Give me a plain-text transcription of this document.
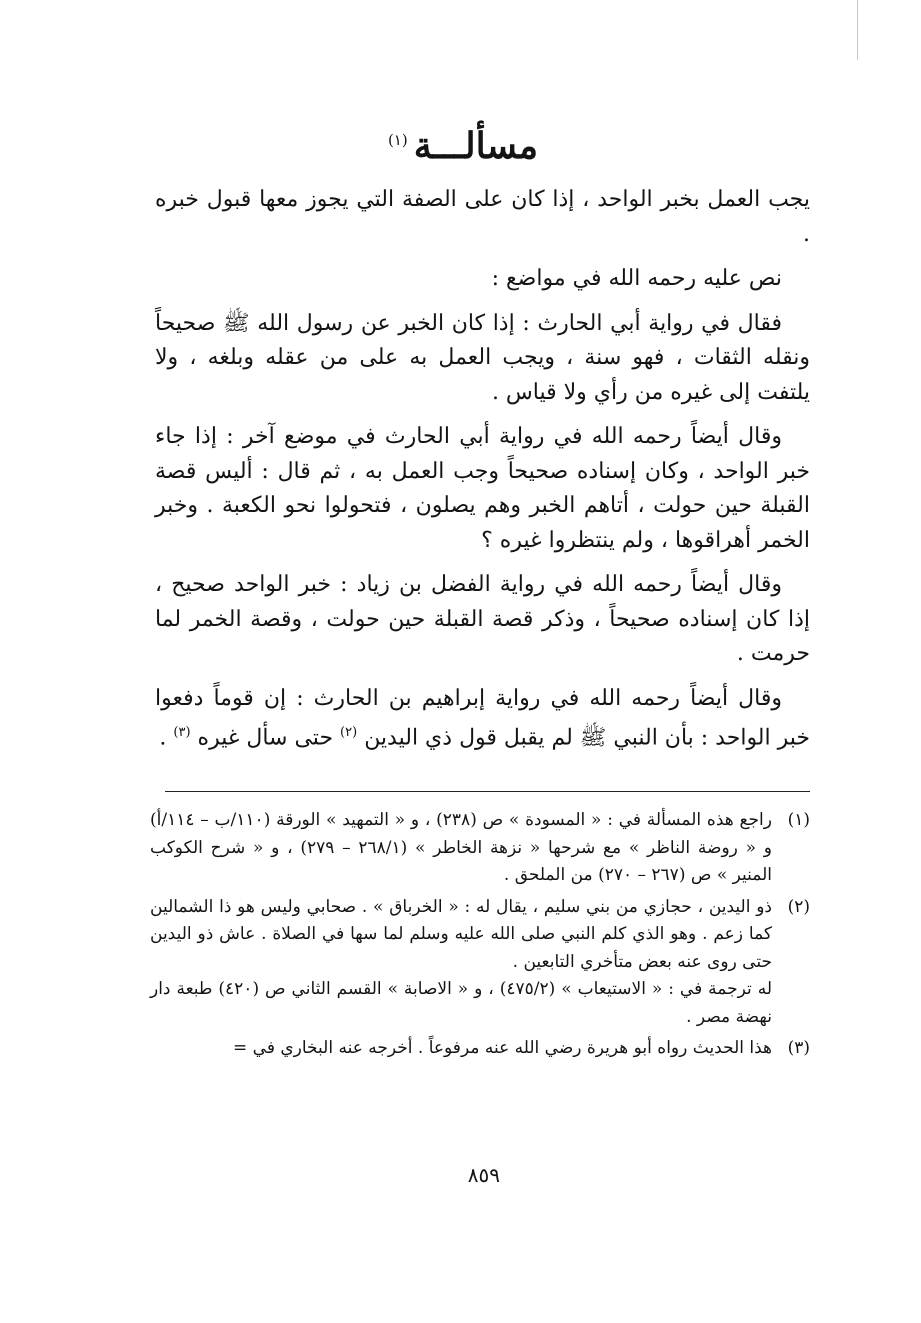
مسألـــة$^{(١)}$

يجب العمل بخبر الواحد ، إذا كان على الصفة التي يجوز معها قبول خبره .

نص عليه رحمه الله في مواضع :

فقال في رواية أبي الحارث : إذا كان الخبر عن رسول الله ﷺ صحيحاً ونقله الثقات ، فهو سنة ، ويجب العمل به على من عقله وبلغه ، ولا يلتفت إلى غيره من رأي ولا قياس .

وقال أيضاً رحمه الله في رواية أبي الحارث في موضع آخر : إذا جاء خبر الواحد ، وكان إسناده صحيحاً وجب العمل به ، ثم قال : أليس قصة القبلة حين حولت ، أتاهم الخبر وهم يصلون ، فتحولوا نحو الكعبة . وخبر الخمر أهراقوها ، ولم ينتظروا غيره ؟

وقال أيضاً رحمه الله في رواية الفضل بن زياد : خبر الواحد صحيح ، إذا كان إسناده صحيحاً ، وذكر قصة القبلة حين حولت ، وقصة الخمر لما حرمت .

وقال أيضاً رحمه الله في رواية إبراهيم بن الحارث : إن قوماً دفعوا خبر الواحد : بأن النبي ﷺ لم يقبل قول ذي اليدين $^{(٢)}$ حتى سأل غيره $^{(٣)}$ .

(١)
راجع هذه المسألة في : « المسودة » ص (٢٣٨) ، و « التمهيد » الورقة (١١٠/ب – ١١٤/أ) و « روضة الناظر » مع شرحها « نزهة الخاطر » (٢٦٨/١ – ٢٧٩) ، و « شرح الكوكب المنير » ص (٢٦٧ – ٢٧٠) من الملحق .
(٢)
ذو اليدين ، حجازي من بني سليم ، يقال له : « الخرباق » . صحابي وليس هو ذا الشمالين كما زعم . وهو الذي كلم النبي صلى الله عليه وسلم لما سها في الصلاة . عاش ذو اليدين حتى روى عنه بعض متأخري التابعين .
له ترجمة في : « الاستيعاب » (٤٧٥/٢) ، و « الاصابة » القسم الثاني ص (٤٢٠) طبعة دار نهضة مصر .
(٣)
هذا الحديث رواه أبو هريرة رضي الله عنه مرفوعاً . أخرجه عنه البخاري في =
٨٥٩
